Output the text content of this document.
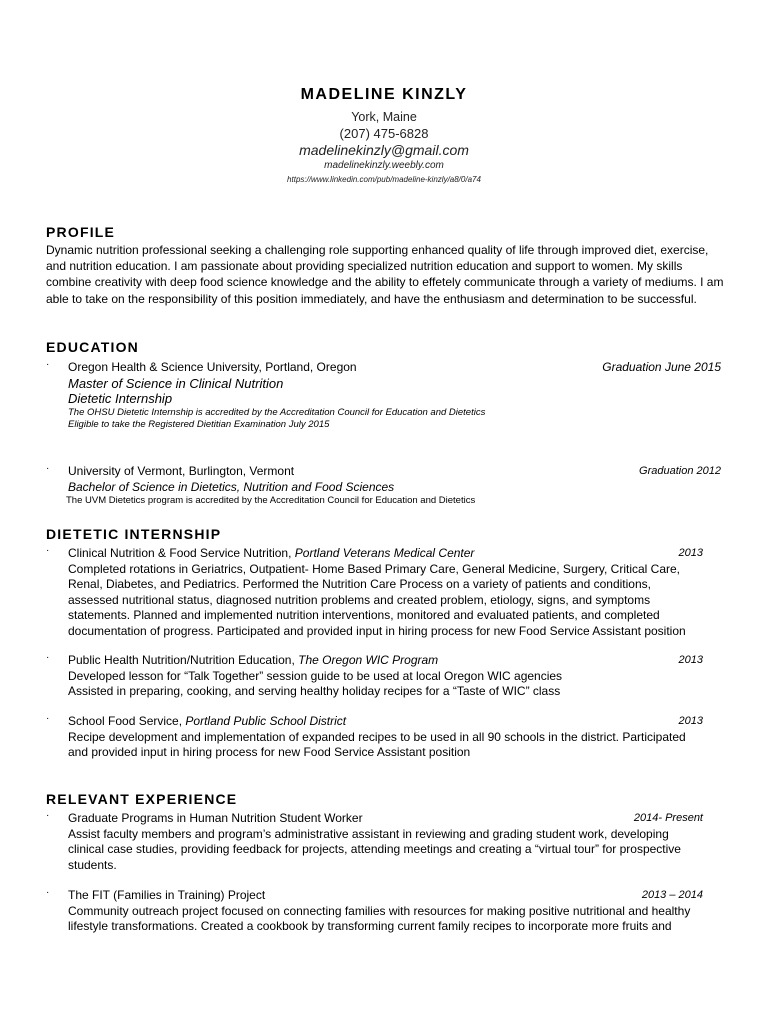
MADELINE KINZLY
York, Maine
(207) 475-6828
madelinekinzly@gmail.com
madelinekinzly.weebly.com
https://www.linkedin.com/pub/madeline-kinzly/a8/0/a74
PROFILE
Dynamic nutrition professional seeking a challenging role supporting enhanced quality of life through improved diet, exercise, and nutrition education. I am passionate about providing specialized nutrition education and support to women. My skills combine creativity with deep food science knowledge and the ability to effetely communicate through a variety of mediums. I am able to take on the responsibility of this position immediately, and have the enthusiasm and determination to be successful.
EDUCATION
· Oregon Health & Science University, Portland, Oregon	Graduation June 2015
Master of Science in Clinical Nutrition
Dietetic Internship
The OHSU Dietetic Internship is accredited by the Accreditation Council for Education and Dietetics
Eligible to take the Registered Dietitian Examination July 2015
· University of Vermont, Burlington, Vermont	Graduation 2012
Bachelor of Science in Dietetics, Nutrition and Food Sciences
The UVM Dietetics program is accredited by the Accreditation Council for Education and Dietetics
DIETETIC INTERNSHIP
· Clinical Nutrition & Food Service Nutrition, Portland Veterans Medical Center	2013
Completed rotations in Geriatrics, Outpatient- Home Based Primary Care, General Medicine, Surgery, Critical Care,
Renal, Diabetes, and Pediatrics. Performed the Nutrition Care Process on a variety of patients and conditions,
assessed nutritional status, diagnosed nutrition problems and created problem, etiology, signs, and symptoms
statements. Planned and implemented nutrition interventions, monitored and evaluated patients, and completed
documentation of progress. Participated and provided input in hiring process for new Food Service Assistant position
· Public Health Nutrition/Nutrition Education, The Oregon WIC Program	2013
Developed lesson for “Talk Together” session guide to be used at local Oregon WIC agencies
Assisted in preparing, cooking, and serving healthy holiday recipes for a “Taste of WIC” class
· School Food Service, Portland Public School District	2013
Recipe development and implementation of expanded recipes to be used in all 90 schools in the district. Participated
and provided input in hiring process for new Food Service Assistant position
RELEVANT EXPERIENCE
· Graduate Programs in Human Nutrition Student Worker	2014- Present
Assist faculty members and program’s administrative assistant in reviewing and grading student work, developing
clinical case studies, providing feedback for projects, attending meetings and creating a “virtual tour” for prospective
students.
· The FIT (Families in Training) Project	2013 – 2014
Community outreach project focused on connecting families with resources for making positive nutritional and healthy
lifestyle transformations. Created a cookbook by transforming current family recipes to incorporate more fruits and
